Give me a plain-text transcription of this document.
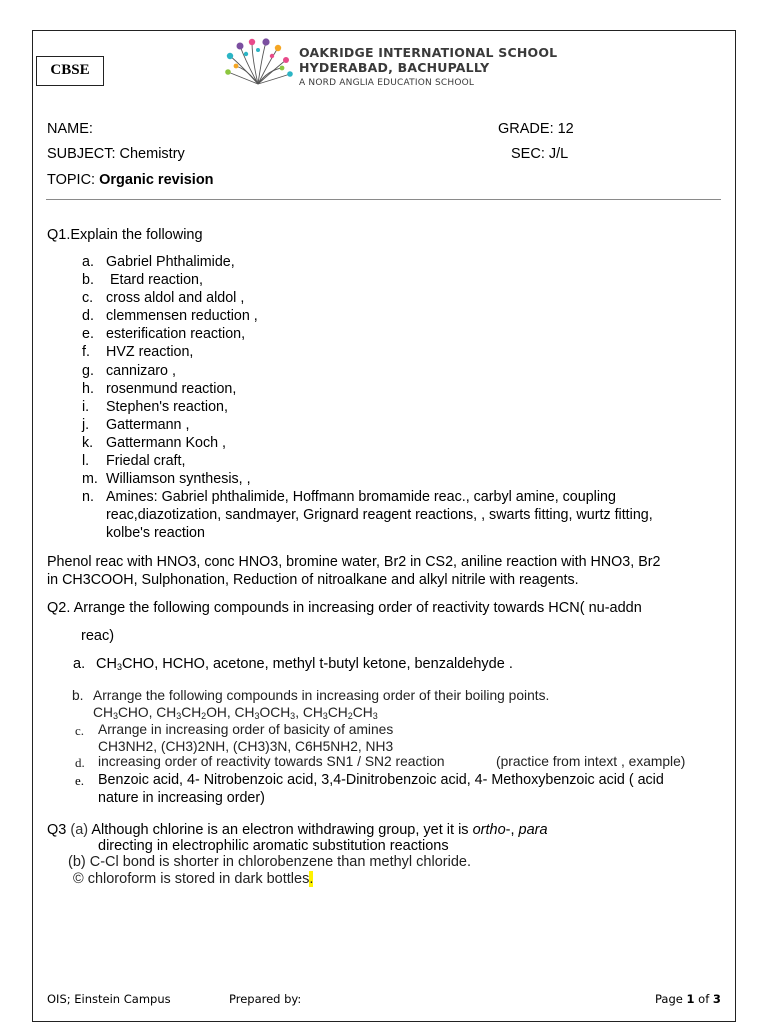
CBSE
OAKRIDGE INTERNATIONAL SCHOOL
HYDERABAD, BACHUPALLY
A NORD ANGLIA EDUCATION SCHOOL
NAME:	GRADE: 12
SUBJECT: Chemistry	SEC: J/L
TOPIC: Organic revision
Q1.Explain the following
a. Gabriel Phthalimide,
b. Etard reaction,
c. cross aldol and aldol ,
d. clemmensen reduction ,
e. esterification reaction,
f.	HVZ reaction,
g. cannizaro ,
h. rosenmund reaction,
i.	Stephen's reaction,
j.	Gattermann ,
k. Gattermann Koch ,
l.	Friedal craft,
m. Williamson synthesis, ,
n. Amines: Gabriel phthalimide, Hoffmann bromamide reac., carbyl amine, coupling
reac,diazotization, sandmayer, Grignard reagent reactions, , swarts fitting, wurtz fitting,
kolbe's reaction
Phenol reac with HNO3, conc HNO3, bromine water, Br2 in CS2, aniline reaction with HNO3, Br2
in CH3COOH, Sulphonation, Reduction of nitroalkane and alkyl nitrile with reagents.
Q2. Arrange the following compounds in increasing order of reactivity towards HCN( nu-addn
reac)
a. $CH_3CHO$, HCHO, acetone, methyl t-butyl ketone, benzaldehyde .
b. Arrange the following compounds in increasing order of their boiling points.
$CH_3CHO$, $CH_3CH_2OH$, $CH_3OCH_3$, $CH_3CH_2CH_3$
c. Arrange in increasing order of basicity of amines
CH3NH2, (CH3)2NH, (CH3)3N, C6H5NH2, NH3
d. increasing order of reactivity towards SN1 / SN2 reaction	(practice from intext , example)
e. Benzoic acid, 4- Nitrobenzoic acid, 3,4-Dinitrobenzoic acid, 4- Methoxybenzoic acid ( acid
nature in increasing order)
Q3 (a) Although chlorine is an electron withdrawing group, yet it is ortho-, para
directing in electrophilic aromatic substitution reactions
(b) C-Cl bond is shorter in chlorobenzene than methyl chloride.
© chloroform is stored in dark bottles.
OIS; Einstein Campus	Prepared by:	Page 1 of 3
